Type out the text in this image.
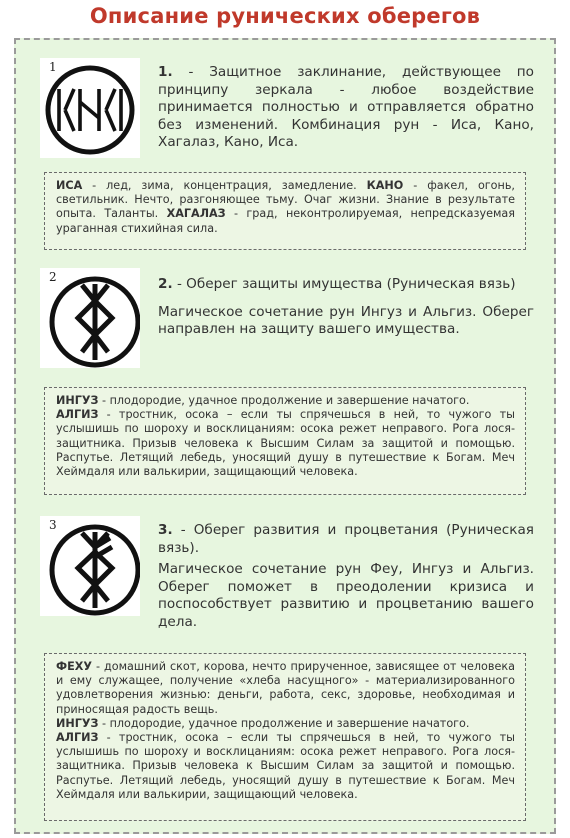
Описание рунических оберегов
1	1. - Защитное заклинание, действующее по принципу зеркала - любое воздействие принимается полностью и отправляется обратно без изменений. Комбинация рун - Иса, Кано, Хагалаз, Кано, Иса.

ИСА - лед, зима, концентрация, замедление. КАНО - факел, огонь, светильник. Нечто, разгоняющее тьму. Очаг жизни. Знание в результате опыта. Таланты. ХАГАЛАЗ - град, неконтролируемая, непредсказуемая ураганная стихийная сила.

2	2. - Оберег защиты имущества (Руническая вязь)

Магическое сочетание рун Ингуз и Альгиз. Оберег направлен на защиту вашего имущества.

ИНГУЗ - плодородие, удачное продолжение и завершение начатого.

АЛГИЗ - тростник, осока – если ты спрячешься в ней, то чужого ты услышишь по шороху и восклицаниям: осока режет неправого. Рога лося-защитника. Призыв человека к Высшим Силам за защитой и помощью. Распутье. Летящий лебедь, уносящий душу в путешествие к Богам. Меч Хеймдаля или валькирии, защищающий человека.

3	3. - Оберег развития и процветания (Руническая вязь).

Магическое сочетание рун Феу, Ингуз и Альгиз. Оберег поможет в преодолении кризиса и поспособствует развитию и процветанию вашего дела.

ФЕХУ - домашний скот, корова, нечто прирученное, зависящее от человека и ему служащее, получение «хлеба насущного» - материализированного удовлетворения жизнью: деньги, работа, секс, здоровье, необходимая и приносящая радость вещь.

ИНГУЗ - плодородие, удачное продолжение и завершение начатого.

АЛГИЗ - тростник, осока – если ты спрячешься в ней, то чужого ты услышишь по шороху и восклицаниям: осока режет неправого. Рога лося-защитника. Призыв человека к Высшим Силам за защитой и помощью. Распутье. Летящий лебедь, уносящий душу в путешествие к Богам. Меч Хеймдаля или валькирии, защищающий человека.
